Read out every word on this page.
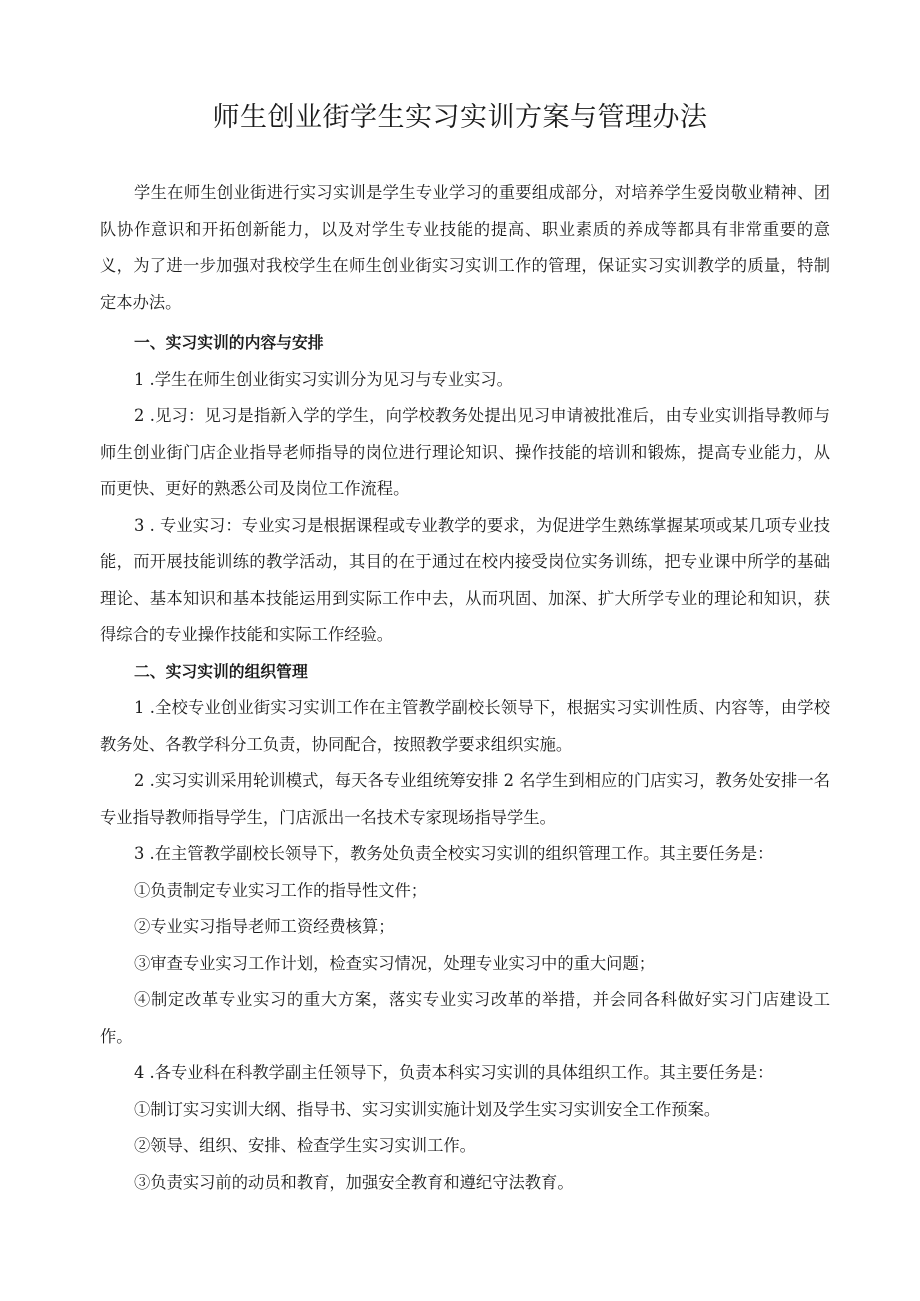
师生创业街学生实习实训方案与管理办法

学生在师生创业街进行实习实训是学生专业学习的重要组成部分，对培养学生爱岗敬业精神、团队协作意识和开拓创新能力，以及对学生专业技能的提高、职业素质的养成等都具有非常重要的意义，为了进一步加强对我校学生在师生创业街实习实训工作的管理，保证实习实训教学的质量，特制定本办法。

一、实习实训的内容与安排

1 .学生在师生创业街实习实训分为见习与专业实习。

2 .见习：见习是指新入学的学生，向学校教务处提出见习申请被批准后，由专业实训指导教师与师生创业街门店企业指导老师指导的岗位进行理论知识、操作技能的培训和锻炼，提高专业能力，从而更快、更好的熟悉公司及岗位工作流程。

3 . 专业实习：专业实习是根据课程或专业教学的要求，为促进学生熟练掌握某项或某几项专业技能，而开展技能训练的教学活动，其目的在于通过在校内接受岗位实务训练，把专业课中所学的基础理论、基本知识和基本技能运用到实际工作中去，从而巩固、加深、扩大所学专业的理论和知识，获得综合的专业操作技能和实际工作经验。

二、实习实训的组织管理

1 .全校专业创业街实习实训工作在主管教学副校长领导下，根据实习实训性质、内容等，由学校教务处、各教学科分工负责，协同配合，按照教学要求组织实施。

2 .实习实训采用轮训模式，每天各专业组统筹安排 2 名学生到相应的门店实习，教务处安排一名专业指导教师指导学生，门店派出一名技术专家现场指导学生。

3 .在主管教学副校长领导下，教务处负责全校实习实训的组织管理工作。其主要任务是：

①负责制定专业实习工作的指导性文件；

②专业实习指导老师工资经费核算；

③审查专业实习工作计划，检查实习情况，处理专业实习中的重大问题；

④制定改革专业实习的重大方案，落实专业实习改革的举措，并会同各科做好实习门店建设工作。

4 .各专业科在科教学副主任领导下，负责本科实习实训的具体组织工作。其主要任务是：

①制订实习实训大纲、指导书、实习实训实施计划及学生实习实训安全工作预案。

②领导、组织、安排、检查学生实习实训工作。

③负责实习前的动员和教育，加强安全教育和遵纪守法教育。
